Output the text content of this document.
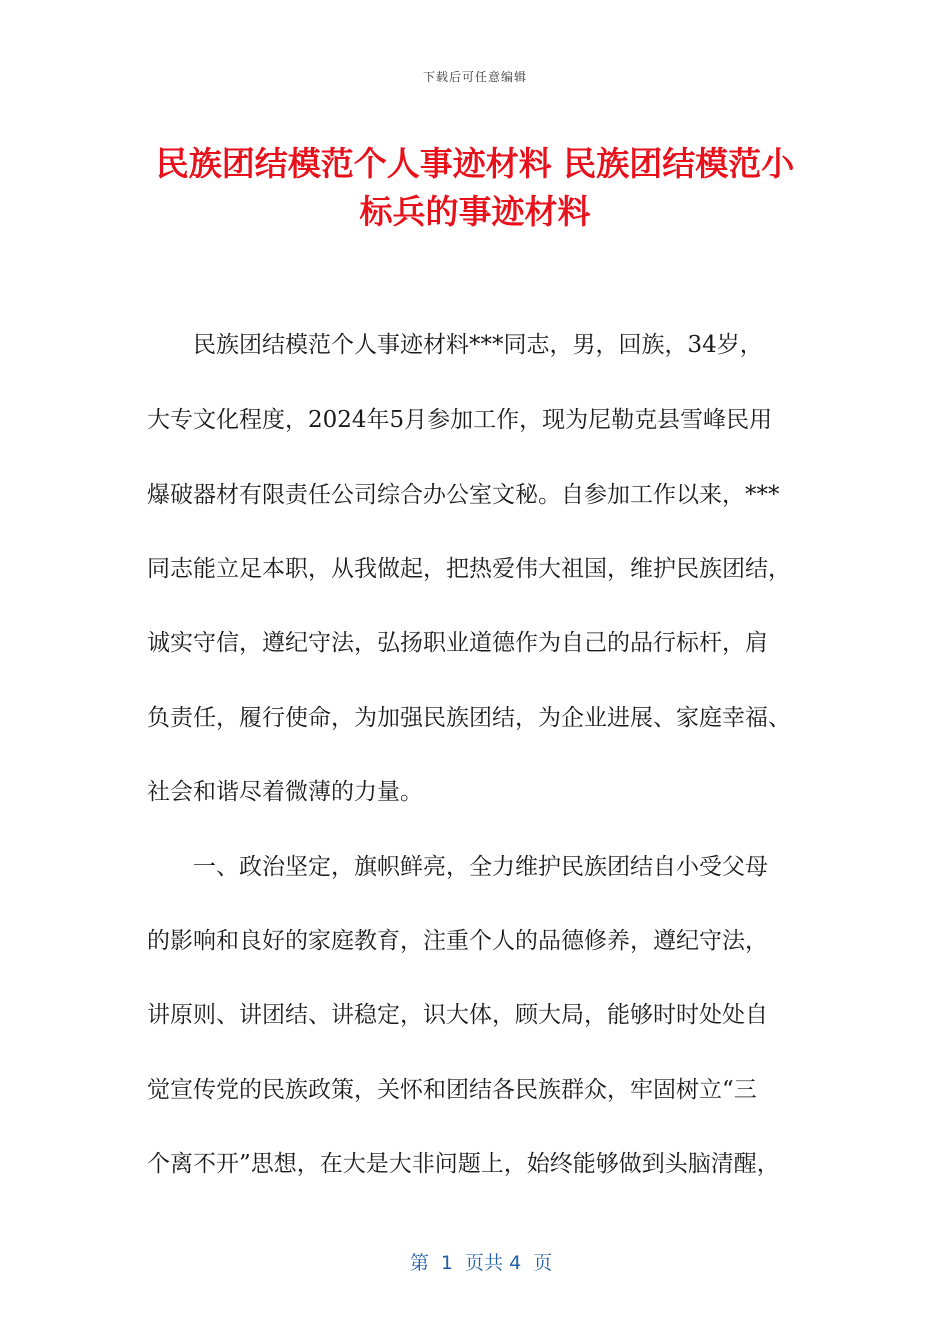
下载后可任意编辑
民族团结模范个人事迹材料 民族团结模范小
标兵的事迹材料
民族团结模范个人事迹材料***同志，男，回族，34岁，
大专文化程度，2024年5月参加工作，现为尼勒克县雪峰民用
爆破器材有限责任公司综合办公室文秘。自参加工作以来，***
同志能立足本职，从我做起，把热爱伟大祖国，维护民族团结，
诚实守信，遵纪守法，弘扬职业道德作为自己的品行标杆，肩
负责任，履行使命，为加强民族团结，为企业进展、家庭幸福、
社会和谐尽着微薄的力量。
一、政治坚定，旗帜鲜亮，全力维护民族团结自小受父母
的影响和良好的家庭教育，注重个人的品德修养，遵纪守法，
讲原则、讲团结、讲稳定，识大体，顾大局，能够时时处处自
觉宣传党的民族政策，关怀和团结各民族群众，牢固树立“三
个离不开”思想，在大是大非问题上，始终能够做到头脑清醒，

第  1  页共 4  页
